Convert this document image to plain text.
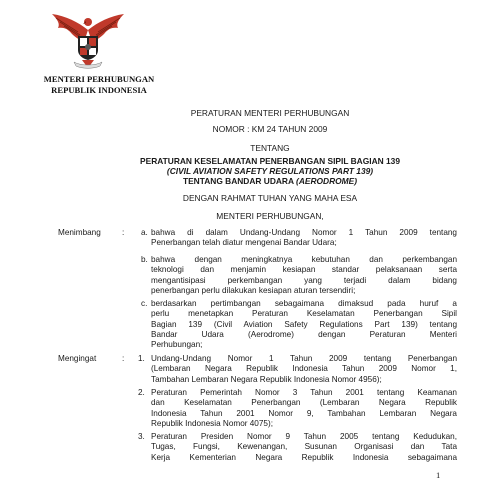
MENTERI PERHUBUNGAN
REPUBLIK INDONESIA
PERATURAN MENTERI PERHUBUNGAN
NOMOR : KM 24 TAHUN 2009
TENTANG
PERATURAN KESELAMATAN PENERBANGAN SIPIL BAGIAN 139
(CIVIL AVIATION SAFETY REGULATIONS PART 139)
TENTANG BANDAR UDARA (AERODROME)
DENGAN RAHMAT TUHAN YANG MAHA ESA
MENTERI PERHUBUNGAN,
Menimbang	: a. bahwa di dalam Undang-Undang Nomor 1 Tahun 2009 tentang
Penerbangan telah diatur mengenai Bandar Udara;
b. bahwa dengan meningkatnya kebutuhan dan perkembangan
teknologi dan menjamin kesiapan standar pelaksanaan serta
mengantisipasi perkembangan yang terjadi dalam bidang
penerbangan perlu dilakukan kesiapan aturan tersendiri;
c. berdasarkan pertimbangan sebagaimana dimaksud pada huruf a
perlu menetapkan Peraturan Keselamatan Penerbangan Sipil
Bagian 139 (Civil Aviation Safety Regulations Part 139) tentang
Bandar Udara (Aerodrome) dengan Peraturan Menteri
Perhubungan;
Mengingat	: 1. Undang-Undang Nomor 1 Tahun 2009 tentang Penerbangan
(Lembaran Negara Republik Indonesia Tahun 2009 Nomor 1,
Tambahan Lembaran Negara Republik Indonesia Nomor 4956);
2. Peraturan Pemerintah Nomor 3 Tahun 2001 tentang Keamanan
dan Keselamatan Penerbangan (Lembaran Negara Republik
Indonesia Tahun 2001 Nomor 9, Tambahan Lembaran Negara
Republik Indonesia Nomor 4075);
3. Peraturan Presiden Nomor 9 Tahun 2005 tentang Kedudukan,
Tugas, Fungsi, Kewenangan, Susunan Organisasi dan Tata
Kerja Kementerian Negara Republik Indonesia sebagaimana
1
